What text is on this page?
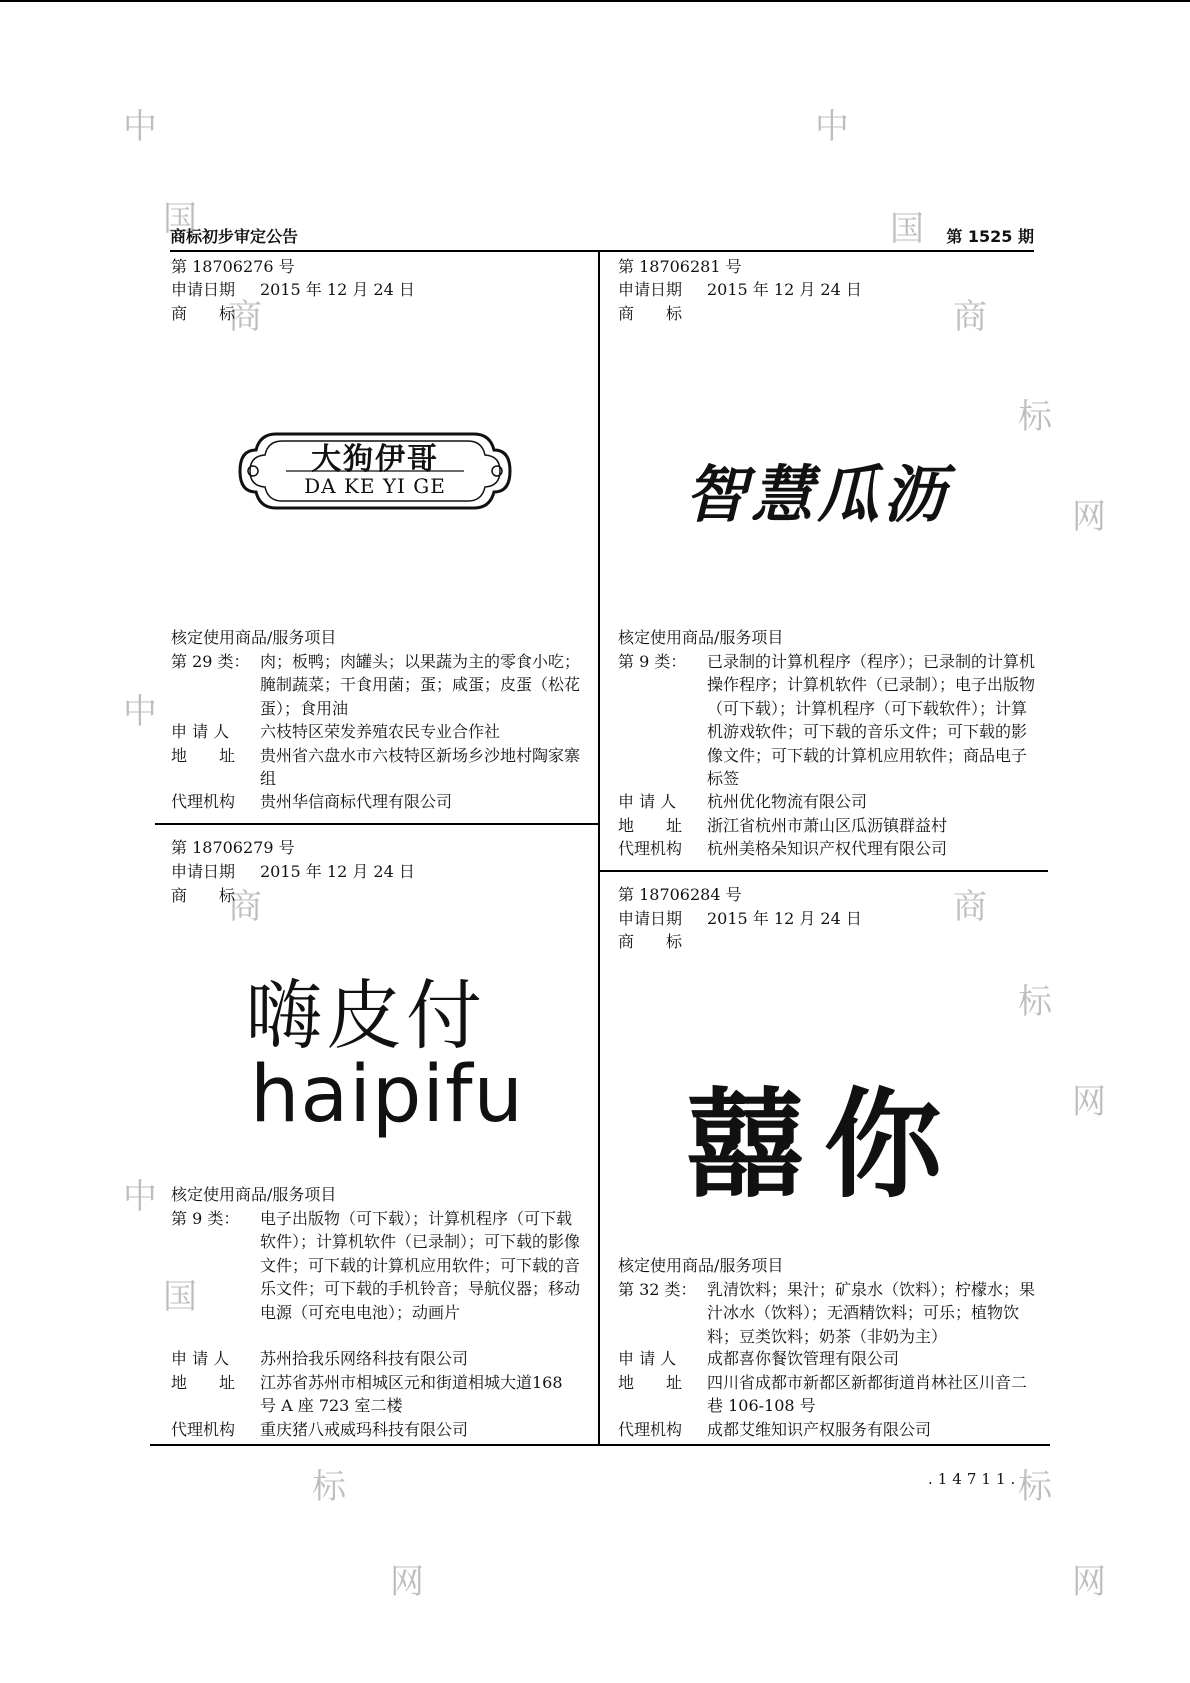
中	中
国	国
商	商
标
网
中
商	商
标
网
中
国
标	标
网	网
商标初步审定公告	第 1525 期
第 18706276 号
申请日期 2015 年 12 月 24 日
商　　标
大狗伊哥
DA KE YI GE
核定使用商品/服务项目
第 29 类： 肉；板鸭；肉罐头；以果蔬为主的零食小吃；腌制蔬菜；干食用菌；蛋；咸蛋；皮蛋（松花蛋）；食用油
申 请 人 六枝特区荣发养殖农民专业合作社
地　　址 贵州省六盘水市六枝特区新场乡沙地村陶家寨组
代理机构 贵州华信商标代理有限公司
第 18706281 号
申请日期 2015 年 12 月 24 日
商　　标
智慧瓜沥
核定使用商品/服务项目
第 9 类： 已录制的计算机程序（程序）；已录制的计算机操作程序；计算机软件（已录制）；电子出版物（可下载）；计算机程序（可下载软件）；计算机游戏软件；可下载的音乐文件；可下载的影像文件；可下载的计算机应用软件；商品电子标签
申 请 人 杭州优化物流有限公司
地　　址 浙江省杭州市萧山区瓜沥镇群益村
代理机构 杭州美格朵知识产权代理有限公司
第 18706279 号
申请日期 2015 年 12 月 24 日
商　　标
嗨皮付
haipifu
核定使用商品/服务项目
第 9 类： 电子出版物（可下载）；计算机程序（可下载软件）；计算机软件（已录制）；可下载的影像文件；可下载的计算机应用软件；可下载的音乐文件；可下载的手机铃音；导航仪器；移动电源（可充电电池）；动画片
申 请 人 苏州拾我乐网络科技有限公司
地　　址 江苏省苏州市相城区元和街道相城大道168 号 A 座 723 室二楼
代理机构 重庆猪八戒威玛科技有限公司
第 18706284 号
申请日期 2015 年 12 月 24 日
商　　标
囍你
核定使用商品/服务项目
第 32 类： 乳清饮料；果汁；矿泉水（饮料）；柠檬水；果汁冰水（饮料）；无酒精饮料；可乐；植物饮料；豆类饮料；奶茶（非奶为主）
申 请 人 成都喜你餐饮管理有限公司
地　　址 四川省成都市新都区新都街道肖林社区川音二巷 106-108 号
代理机构 成都艾维知识产权服务有限公司
.14711.
